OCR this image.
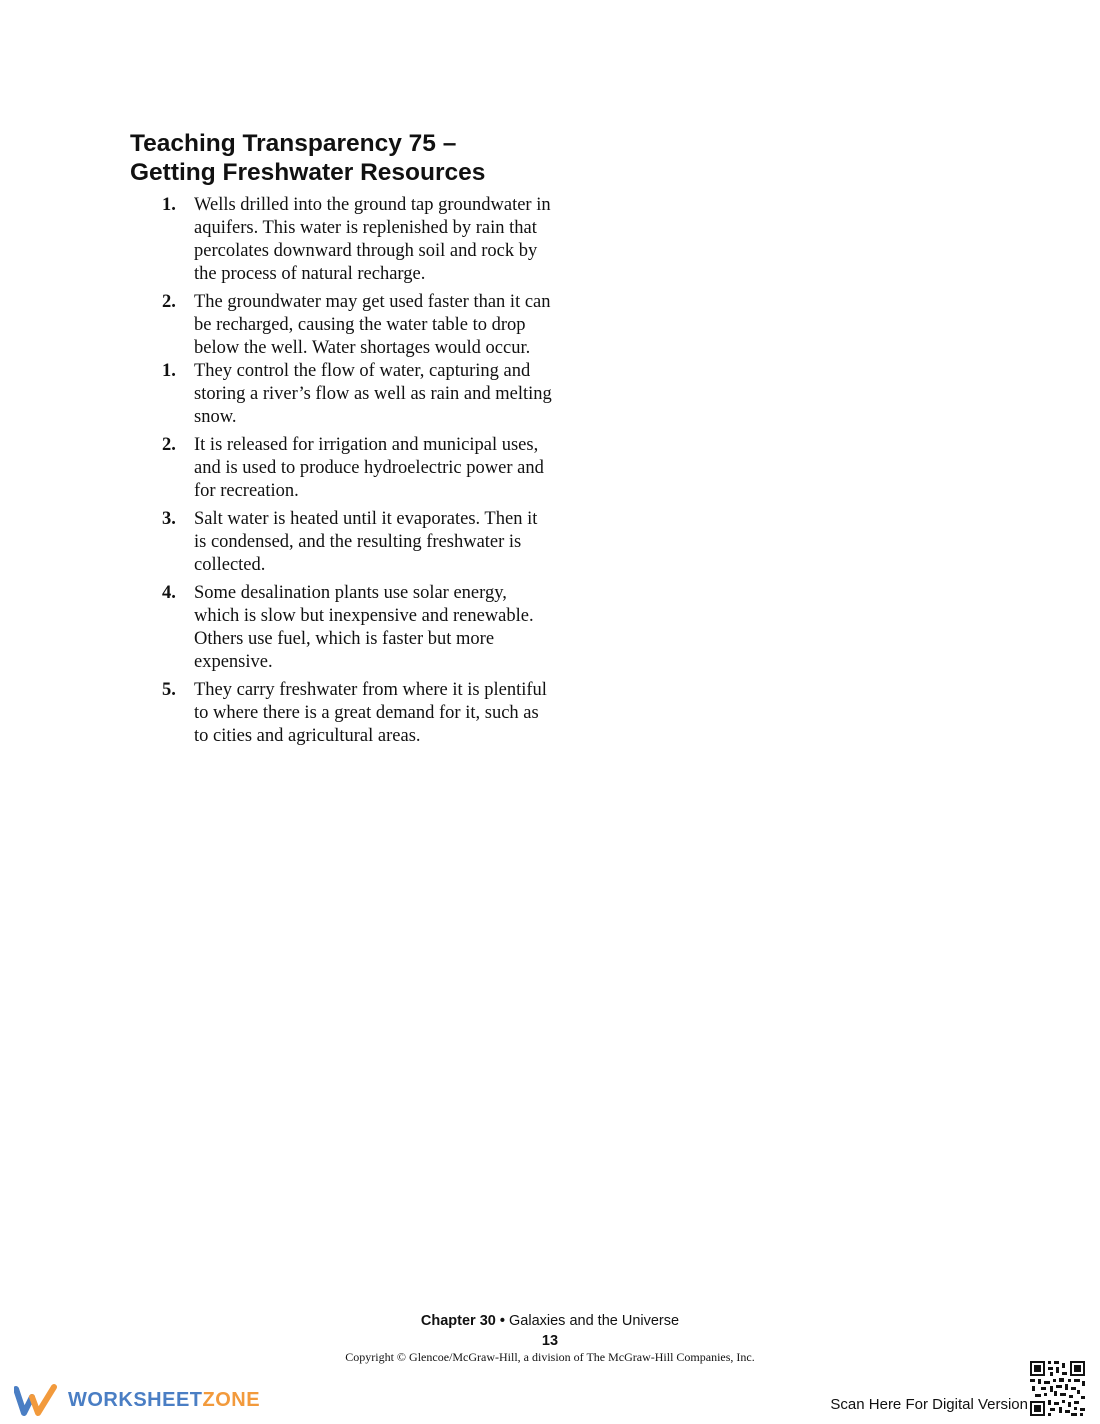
Teaching Transparency 75 –
Getting Freshwater Resources
1. Wells drilled into the ground tap groundwater in aquifers. This water is replenished by rain that percolates downward through soil and rock by the process of natural recharge.
2. The groundwater may get used faster than it can be recharged, causing the water table to drop below the well. Water shortages would occur.
1. They control the flow of water, capturing and storing a river’s flow as well as rain and melting snow.
2. It is released for irrigation and municipal uses, and is used to produce hydroelectric power and for recreation.
3. Salt water is heated until it evaporates. Then it is condensed, and the resulting freshwater is collected.
4. Some desalination plants use solar energy, which is slow but inexpensive and renewable. Others use fuel, which is faster but more expensive.
5. They carry freshwater from where it is plentiful to where there is a great demand for it, such as to cities and agricultural areas.
Chapter 30 • Galaxies and the Universe
13
Copyright © Glencoe/McGraw-Hill, a division of The McGraw-Hill Companies, Inc.
WORKSHEETZONE	Scan Here For Digital Version
